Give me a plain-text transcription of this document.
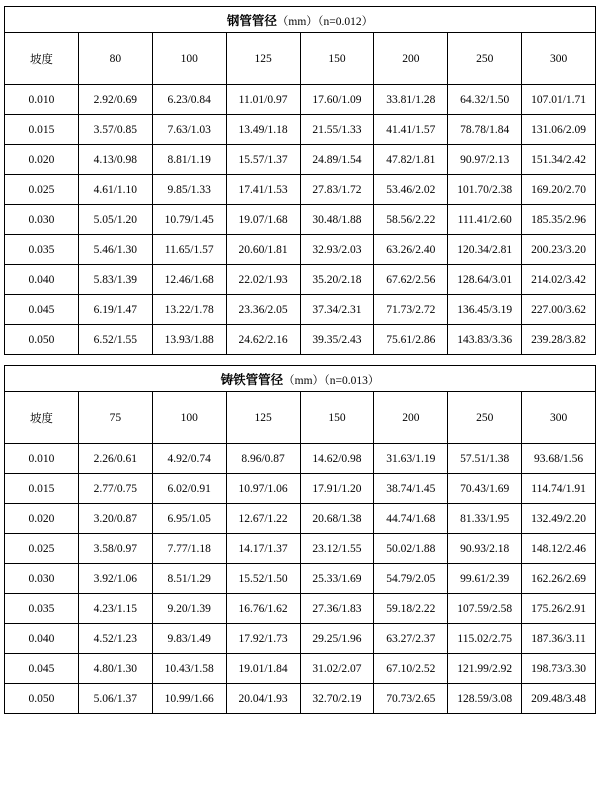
钢管管径（mm）（n=0.012）							
坡度	80	100	125	150	200	250	300

0.010	2.92/0.69	6.23/0.84	11.01/0.97	17.60/1.09	33.81/1.28	64.32/1.50	107.01/1.71
0.015	3.57/0.85	7.63/1.03	13.49/1.18	21.55/1.33	41.41/1.57	78.78/1.84	131.06/2.09
0.020	4.13/0.98	8.81/1.19	15.57/1.37	24.89/1.54	47.82/1.81	90.97/2.13	151.34/2.42
0.025	4.61/1.10	9.85/1.33	17.41/1.53	27.83/1.72	53.46/2.02	101.70/2.38	169.20/2.70
0.030	5.05/1.20	10.79/1.45	19.07/1.68	30.48/1.88	58.56/2.22	111.41/2.60	185.35/2.96
0.035	5.46/1.30	11.65/1.57	20.60/1.81	32.93/2.03	63.26/2.40	120.34/2.81	200.23/3.20
0.040	5.83/1.39	12.46/1.68	22.02/1.93	35.20/2.18	67.62/2.56	128.64/3.01	214.02/3.42
0.045	6.19/1.47	13.22/1.78	23.36/2.05	37.34/2.31	71.73/2.72	136.45/3.19	227.00/3.62
0.050	6.52/1.55	13.93/1.88	24.62/2.16	39.35/2.43	75.61/2.86	143.83/3.36	239.28/3.82
铸铁管管径（mm）（n=0.013）							
坡度	75	100	125	150	200	250	300

0.010	2.26/0.61	4.92/0.74	8.96/0.87	14.62/0.98	31.63/1.19	57.51/1.38	93.68/1.56
0.015	2.77/0.75	6.02/0.91	10.97/1.06	17.91/1.20	38.74/1.45	70.43/1.69	114.74/1.91
0.020	3.20/0.87	6.95/1.05	12.67/1.22	20.68/1.38	44.74/1.68	81.33/1.95	132.49/2.20
0.025	3.58/0.97	7.77/1.18	14.17/1.37	23.12/1.55	50.02/1.88	90.93/2.18	148.12/2.46
0.030	3.92/1.06	8.51/1.29	15.52/1.50	25.33/1.69	54.79/2.05	99.61/2.39	162.26/2.69
0.035	4.23/1.15	9.20/1.39	16.76/1.62	27.36/1.83	59.18/2.22	107.59/2.58	175.26/2.91
0.040	4.52/1.23	9.83/1.49	17.92/1.73	29.25/1.96	63.27/2.37	115.02/2.75	187.36/3.11
0.045	4.80/1.30	10.43/1.58	19.01/1.84	31.02/2.07	67.10/2.52	121.99/2.92	198.73/3.30
0.050	5.06/1.37	10.99/1.66	20.04/1.93	32.70/2.19	70.73/2.65	128.59/3.08	209.48/3.48
